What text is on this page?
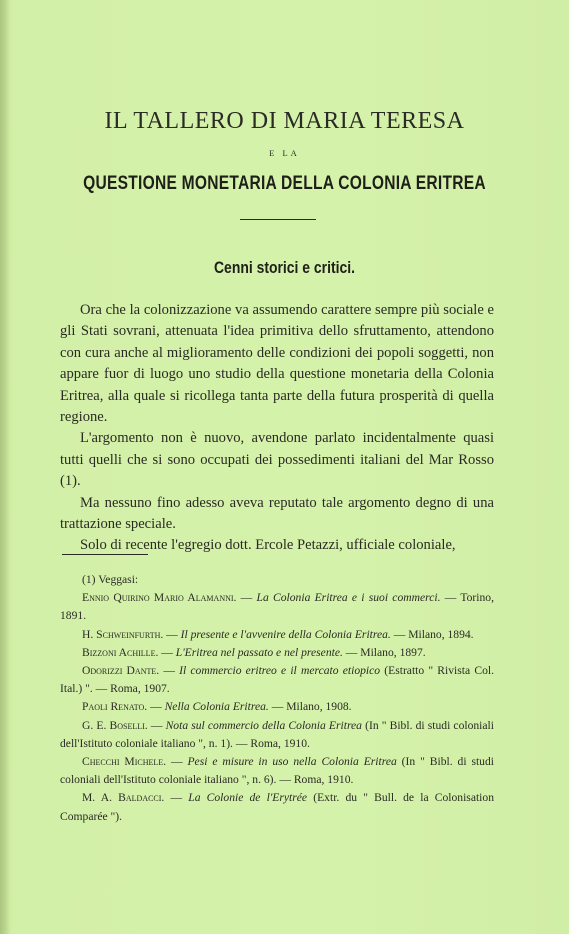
IL TALLERO DI MARIA TERESA
E LA
QUESTIONE MONETARIA DELLA COLONIA ERITREA
Cenni storici e critici.

Ora che la colonizzazione va assumendo carattere sempre più sociale e gli Stati sovrani, attenuata l'idea primitiva dello sfruttamento, attendono con cura anche al miglioramento delle condizioni dei popoli soggetti, non appare fuor di luogo uno studio della questione monetaria della Colonia Eritrea, alla quale si ricollega tanta parte della futura prosperità di quella regione.

L'argomento non è nuovo, avendone parlato incidentalmente quasi tutti quelli che si sono occupati dei possedimenti italiani del Mar Rosso (1).

Ma nessuno fino adesso aveva reputato tale argomento degno di una trattazione speciale.

Solo di recente l'egregio dott. Ercole Petazzi, ufficiale coloniale,

(1) Veggasi:

Ennio Quirino Mario Alamanni. — La Colonia Eritrea e i suoi commerci. — Torino, 1891.

H. Schweinfurth. — Il presente e l'avvenire della Colonia Eritrea. — Milano, 1894.

Bizzoni Achille. — L'Eritrea nel passato e nel presente. — Milano, 1897.

Odorizzi Dante. — Il commercio eritreo e il mercato etiopico (Estratto " Rivista Col. Ital.) ". — Roma, 1907.

Paoli Renato. — Nella Colonia Eritrea. — Milano, 1908.

G. E. Boselli. — Nota sul commercio della Colonia Eritrea (In " Bibl. di studi coloniali dell'Istituto coloniale italiano ", n. 1). — Roma, 1910.

Checchi Michele. — Pesi e misure in uso nella Colonia Eritrea (In " Bibl. di studi coloniali dell'Istituto coloniale italiano ", n. 6). — Roma, 1910.

M. A. Baldacci. — La Colonie de l'Erytrée (Extr. du " Bull. de la Colonisation Comparée ").
